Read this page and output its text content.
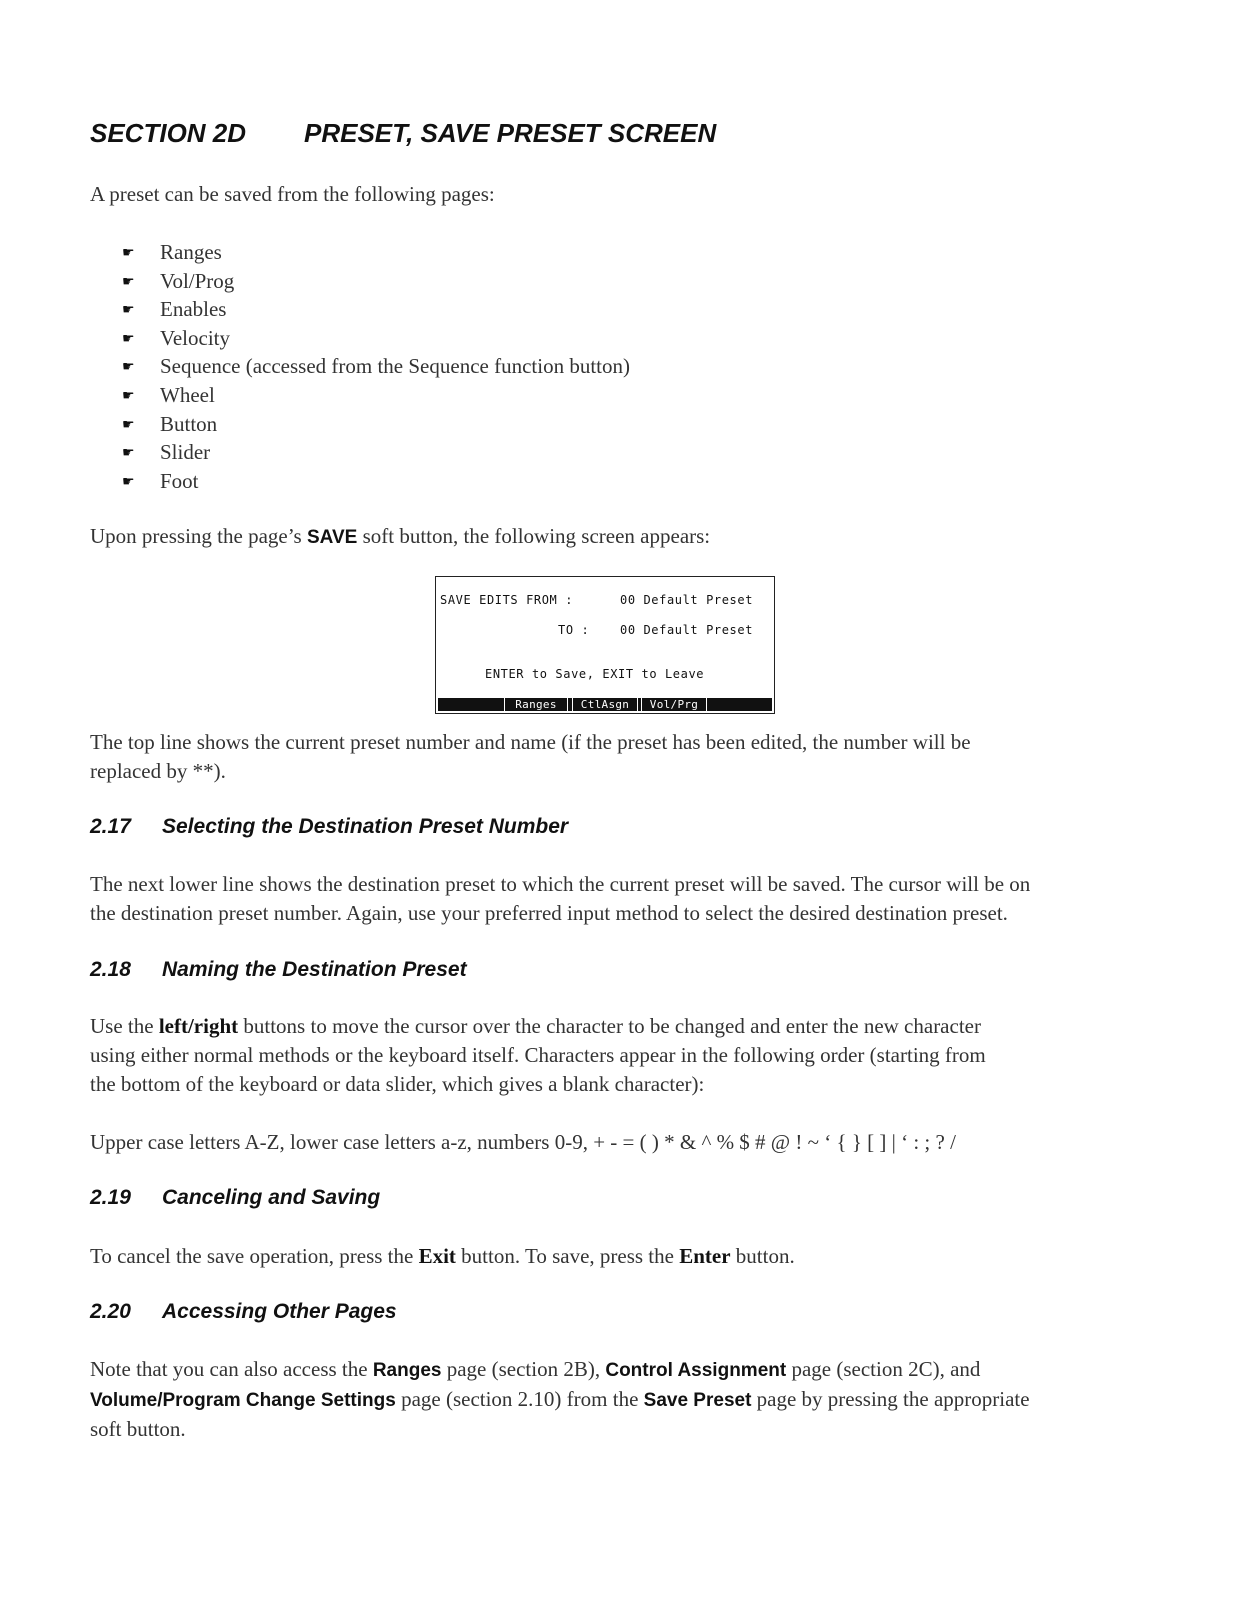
SECTION 2D PRESET, SAVE PRESET SCREEN
A preset can be saved from the following pages:
☛ Ranges
☛ Vol/Prog
☛ Enables
☛ Velocity
☛ Sequence (accessed from the Sequence function button)
☛ Wheel
☛ Button
☛ Slider
☛ Foot
Upon pressing the page’s SAVE soft button, the following screen appears:
SAVE EDITS FROM :	00 Default Preset
TO :	00 Default Preset
ENTER to Save, EXIT to Leave
Ranges	CtlAsgn	Vol/Prg
The top line shows the current preset number and name (if the preset has been edited, the number will be
replaced by **).
2.17 Selecting the Destination Preset Number
The next lower line shows the destination preset to which the current preset will be saved. The cursor will be on
the destination preset number. Again, use your preferred input method to select the desired destination preset.
2.18 Naming the Destination Preset
Use the left/right buttons to move the cursor over the character to be changed and enter the new character
using either normal methods or the keyboard itself. Characters appear in the following order (starting from
the bottom of the keyboard or data slider, which gives a blank character):
Upper case letters A-Z, lower case letters a-z, numbers 0-9, + - = ( ) * & ^ % $ # @ ! ~ ‘ { } [ ] | ‘ : ; ? /
2.19 Canceling and Saving
To cancel the save operation, press the Exit button. To save, press the Enter button.
2.20 Accessing Other Pages
Note that you can also access the Ranges page (section 2B), Control Assignment page (section 2C), and
Volume/Program Change Settings page (section 2.10) from the Save Preset page by pressing the appropriate
soft button.
